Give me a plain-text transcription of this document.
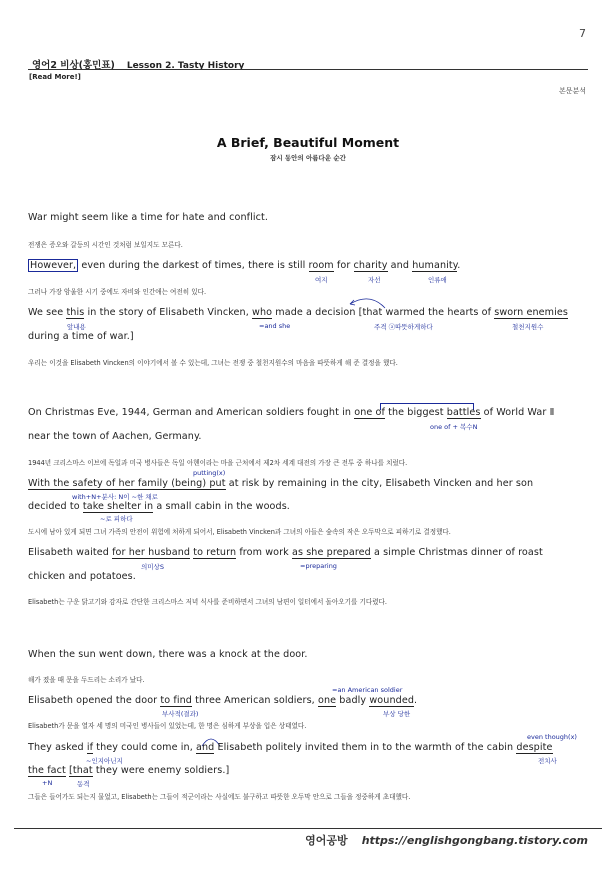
7
영어2 비상(홍민표) Lesson 2. Tasty History
[Read More!]
본문분석
A Brief, Beautiful Moment
잠시 동안의 아름다운 순간
War might seem like a time for hate and conflict.
전쟁은 증오와 갈등의 시간인 것처럼 보일지도 모른다.
However, even during the darkest of times, there is still room for charity and humanity.
여지	자선	인류애
그러나 가장 암울한 시기 중에도 자비와 인간애는 여전히 있다.
We see this in the story of Elisabeth Vincken, who made a decision [that warmed the hearts of sworn enemies
앞내용	=and she	주격 ⓐ따뜻하게하다	철천지원수
during a time of war.]
우리는 이것을 Elisabeth Vincken의 이야기에서 볼 수 있는데, 그녀는 전쟁 중 철천지원수의 마음을 따뜻하게 해 준 결정을 했다.
On Christmas Eve, 1944, German and American soldiers fought in one of the biggest battles of World War Ⅱ
one of + 복수N
near the town of Aachen, Germany.
1944년 크리스마스 이브에 독일과 미국 병사들은 독일 아헨이라는 마을 근처에서 제2차 세계 대전의 가장 큰 전투 중 하나를 치렀다.
putting(x)
With the safety of her family (being) put at risk by remaining in the city, Elisabeth Vincken and her son
with+N+분사: N이 ~한 채로
decided to take shelter in a small cabin in the woods.
~로 피하다
도시에 남아 있게 되면 그녀 가족의 안전이 위험에 처하게 되어서, Elisabeth Vincken과 그녀의 아들은 숲속의 작은 오두막으로 피하기로 결정했다.
Elisabeth waited for her husband to return from work as she prepared a simple Christmas dinner of roast
의미상S	=preparing
chicken and potatoes.
Elisabeth는 구운 닭고기와 감자로 간단한 크리스마스 저녁 식사를 준비하면서 그녀의 남편이 일터에서 돌아오기를 기다렸다.
When the sun went down, there was a knock at the door.
해가 졌을 때 문을 두드리는 소리가 났다.
=an American soldier
Elisabeth opened the door to find three American soldiers, one badly wounded.
부사적(결과)	부상 당한
Elisabeth가 문을 열자 세 명의 미국인 병사들이 있었는데, 한 명은 심하게 부상을 입은 상태였다.
even though(x)
They asked if they could come in, and Elisabeth politely invited them in to the warmth of the cabin despite
~인지아닌지	전치사
the fact [that they were enemy soldiers.]
+N	동격
그들은 들어가도 되는지 물었고, Elisabeth는 그들이 적군이라는 사실에도 불구하고 따뜻한 오두막 안으로 그들을 정중하게 초대했다.
영어공방 https://englishgongbang.tistory.com
